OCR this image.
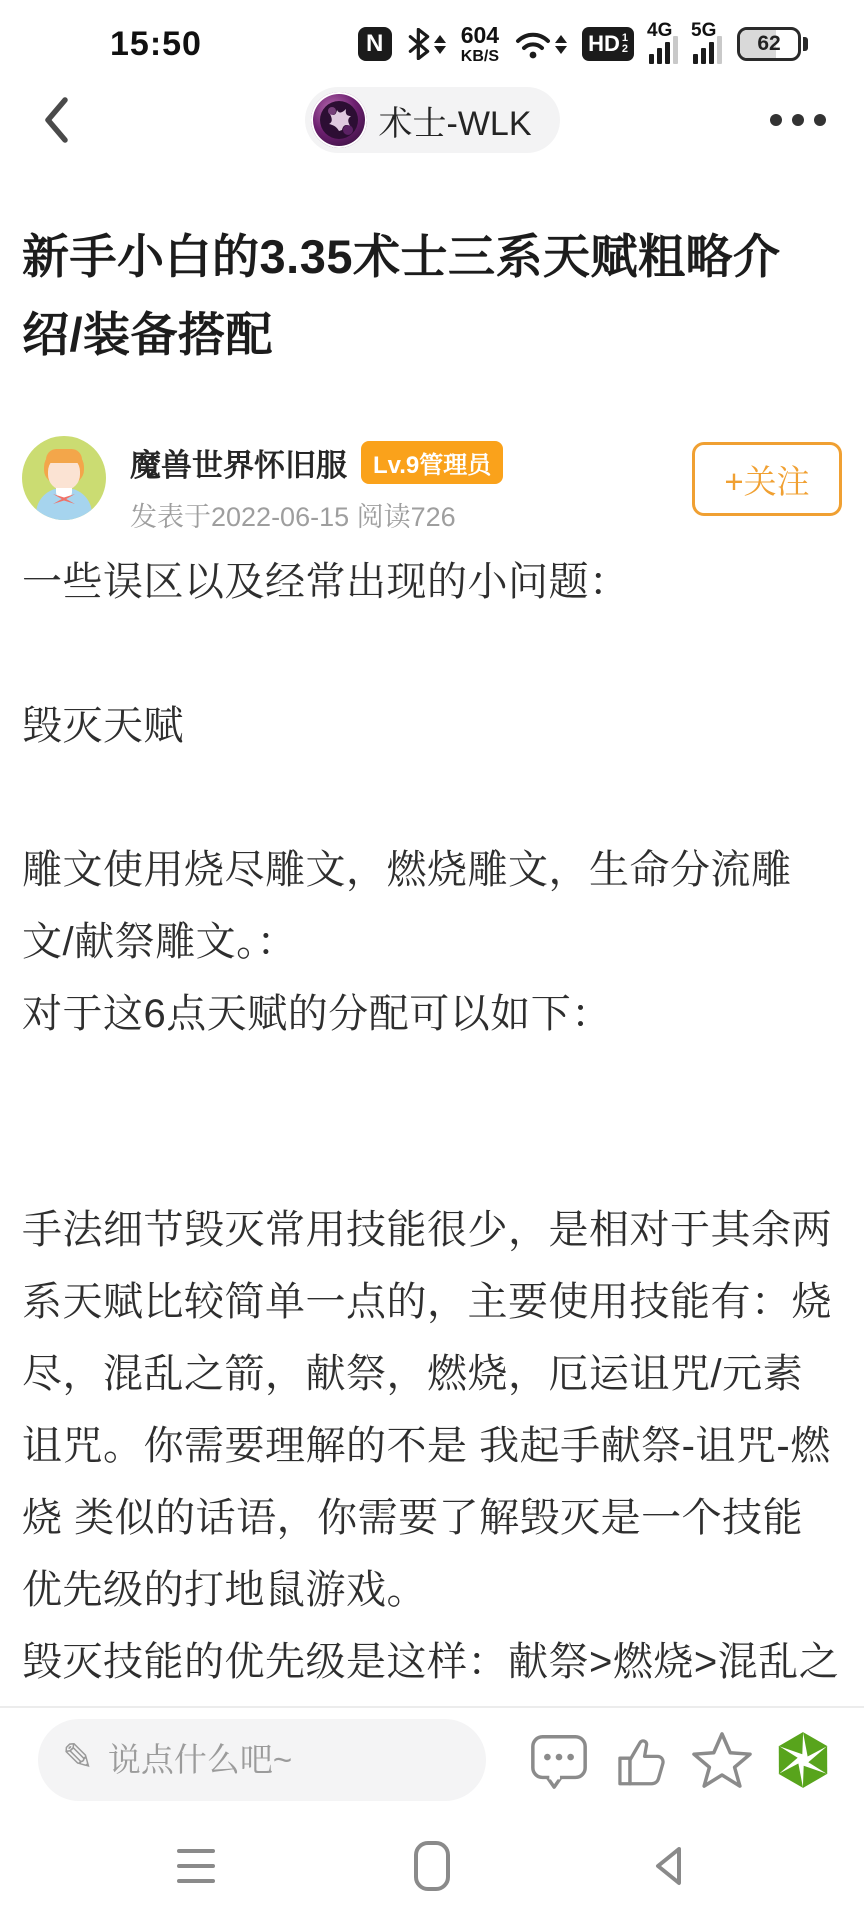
15:50	N	604
KB/S	HD 1
2
4G 5G
62
术士-WLK
新手小白的3.35术士三系天赋粗略介绍/装备搭配
魔兽世界怀旧服	Lv.9管理员
发表于2022-06-15 阅读726
+关注

一些误区以及经常出现的小问题：

毁灭天赋

雕文使用烧尽雕文，燃烧雕文，生命分流雕文/献祭雕文。：

对于这6点天赋的分配可以如下：

手法细节毁灭常用技能很少，是相对于其余两系天赋比较简单一点的，主要使用技能有：烧尽，混乱之箭，献祭，燃烧，厄运诅咒/元素诅咒。你需要理解的不是 我起手献祭-诅咒-燃烧 类似的话语，你需要了解毁灭是一个技能优先级的打地鼠游戏。

毁灭技能的优先级是这样：献祭>燃烧>混乱之

✎
说点什么吧~
